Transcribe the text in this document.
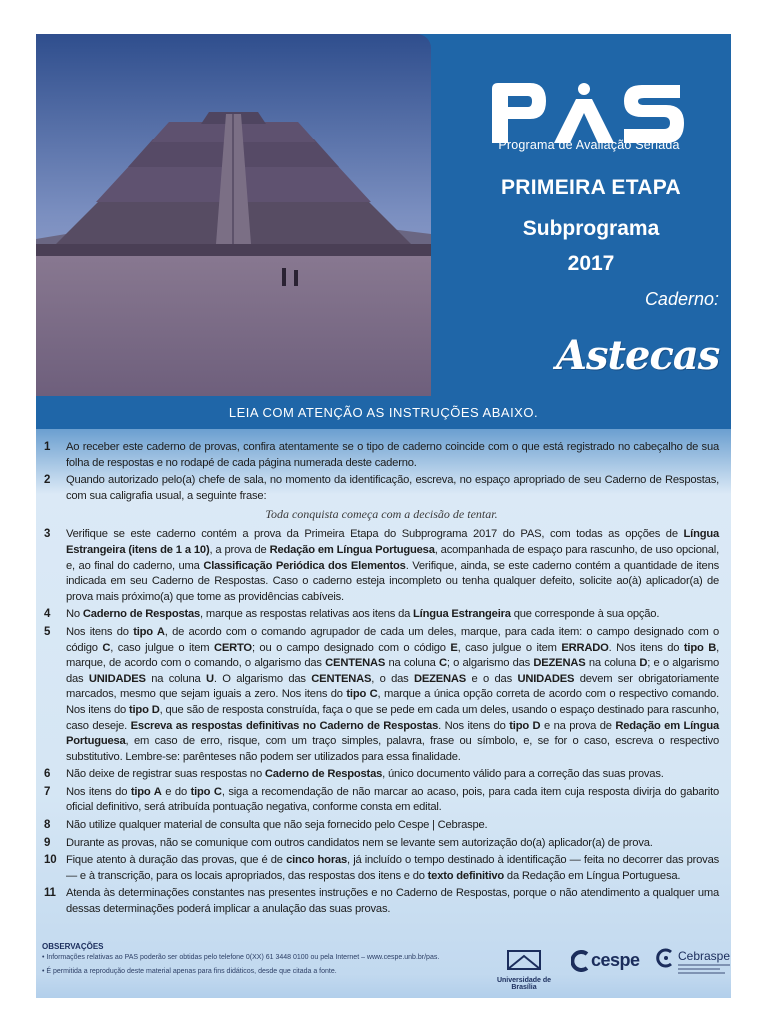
Programa de Avaliação Seriada
PRIMEIRA ETAPA
Subprograma
2017
Caderno:
Astecas
LEIA COM ATENÇÃO AS INSTRUÇÕES ABAIXO.
1 Ao receber este caderno de provas, confira atentamente se o tipo de caderno coincide com o que está registrado no cabeçalho de sua folha de respostas e no rodapé de cada página numerada deste caderno.
2 Quando autorizado pelo(a) chefe de sala, no momento da identificação, escreva, no espaço apropriado de seu Caderno de Respostas, com sua caligrafia usual, a seguinte frase:
Toda conquista começa com a decisão de tentar.
3 Verifique se este caderno contém a prova da Primeira Etapa do Subprograma 2017 do PAS, com todas as opções de Língua Estrangeira (itens de 1 a 10), a prova de Redação em Língua Portuguesa, acompanhada de espaço para rascunho, de uso opcional, e, ao final do caderno, uma Classificação Periódica dos Elementos. Verifique, ainda, se este caderno contém a quantidade de itens indicada em seu Caderno de Respostas. Caso o caderno esteja incompleto ou tenha qualquer defeito, solicite ao(à) aplicador(a) de prova mais próximo(a) que tome as providências cabíveis.
4 No Caderno de Respostas, marque as respostas relativas aos itens da Língua Estrangeira que corresponde à sua opção.
5 Nos itens do tipo A, de acordo com o comando agrupador de cada um deles, marque, para cada item: o campo designado com o código C, caso julgue o item CERTO; ou o campo designado com o código E, caso julgue o item ERRADO. Nos itens do tipo B, marque, de acordo com o comando, o algarismo das CENTENAS na coluna C; o algarismo das DEZENAS na coluna D; e o algarismo das UNIDADES na coluna U. O algarismo das CENTENAS, o das DEZENAS e o das UNIDADES devem ser obrigatoriamente marcados, mesmo que sejam iguais a zero. Nos itens do tipo C, marque a única opção correta de acordo com o respectivo comando. Nos itens do tipo D, que são de resposta construída, faça o que se pede em cada um deles, usando o espaço destinado para rascunho, caso deseje. Escreva as respostas definitivas no Caderno de Respostas. Nos itens do tipo D e na prova de Redação em Língua Portuguesa, em caso de erro, risque, com um traço simples, palavra, frase ou símbolo, e, se for o caso, escreva o respectivo substitutivo. Lembre-se: parênteses não podem ser utilizados para essa finalidade.
6 Não deixe de registrar suas respostas no Caderno de Respostas, único documento válido para a correção das suas provas.
7 Nos itens do tipo A e do tipo C, siga a recomendação de não marcar ao acaso, pois, para cada item cuja resposta divirja do gabarito oficial definitivo, será atribuída pontuação negativa, conforme consta em edital.
8 Não utilize qualquer material de consulta que não seja fornecido pelo Cespe | Cebraspe.
9 Durante as provas, não se comunique com outros candidatos nem se levante sem autorização do(a) aplicador(a) de prova.
10 Fique atento à duração das provas, que é de cinco horas, já incluído o tempo destinado à identificação — feita no decorrer das provas — e à transcrição, para os locais apropriados, das respostas dos itens e do texto definitivo da Redação em Língua Portuguesa.
11 Atenda às determinações constantes nas presentes instruções e no Caderno de Respostas, porque o não atendimento a qualquer uma dessas determinações poderá implicar a anulação das suas provas.
OBSERVAÇÕES
• Informações relativas ao PAS poderão ser obtidas pelo telefone 0(XX) 61 3448 0100 ou pela Internet – www.cespe.unb.br/pas.
• É permitida a reprodução deste material apenas para fins didáticos, desde que citada a fonte.
Universidade de Brasília
cespe	Cebraspe
